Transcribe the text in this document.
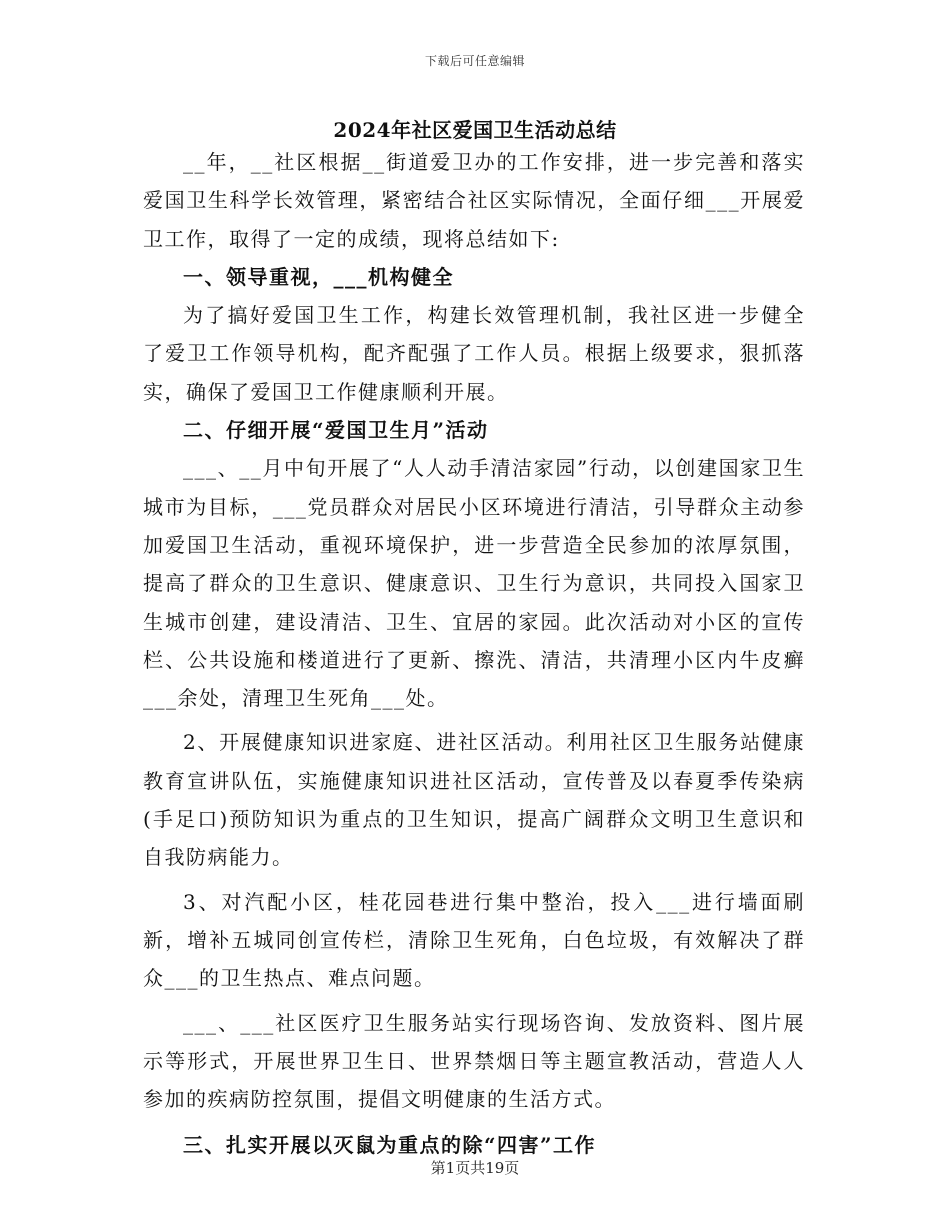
下载后可任意编辑
2024年社区爱国卫生活动总结

__年，__社区根据__街道爱卫办的工作安排，进一步完善和落实爱国卫生科学长效管理，紧密结合社区实际情况，全面仔细___开展爱卫工作，取得了一定的成绩，现将总结如下:

一、领导重视，___机构健全

为了搞好爱国卫生工作，构建长效管理机制，我社区进一步健全了爱卫工作领导机构，配齐配强了工作人员。根据上级要求，狠抓落实，确保了爱国卫工作健康顺利开展。

二、仔细开展“爱国卫生月”活动

___、__月中旬开展了“人人动手清洁家园”行动，以创建国家卫生城市为目标，___党员群众对居民小区环境进行清洁，引导群众主动参加爱国卫生活动，重视环境保护，进一步营造全民参加的浓厚氛围，提高了群众的卫生意识、健康意识、卫生行为意识，共同投入国家卫生城市创建，建设清洁、卫生、宜居的家园。此次活动对小区的宣传栏、公共设施和楼道进行了更新、擦洗、清洁，共清理小区内牛皮癣___余处，清理卫生死角___处。

2、开展健康知识进家庭、进社区活动。利用社区卫生服务站健康教育宣讲队伍，实施健康知识进社区活动，宣传普及以春夏季传染病(手足口)预防知识为重点的卫生知识，提高广阔群众文明卫生意识和自我防病能力。

3、对汽配小区，桂花园巷进行集中整治，投入___进行墙面刷新，增补五城同创宣传栏，清除卫生死角，白色垃圾，有效解决了群众___的卫生热点、难点问题。

___、___社区医疗卫生服务站实行现场咨询、发放资料、图片展示等形式，开展世界卫生日、世界禁烟日等主题宣教活动，营造人人参加的疾病防控氛围，提倡文明健康的生活方式。

三、扎实开展以灭鼠为重点的除“四害”工作

第1页共19页
